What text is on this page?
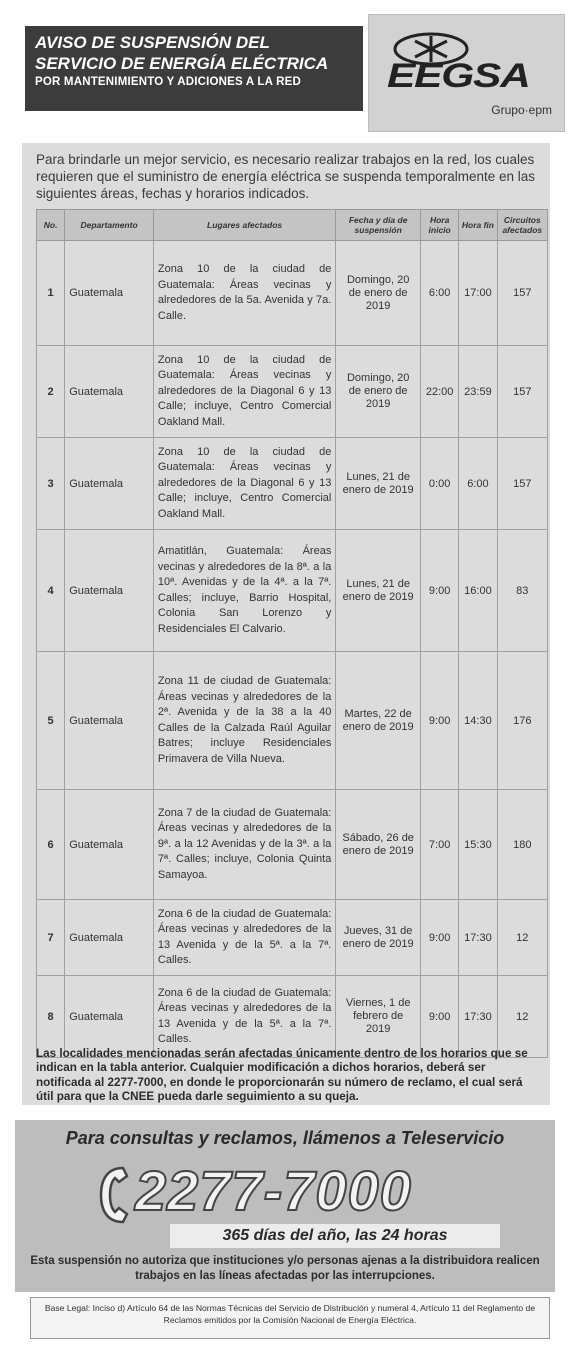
AVISO DE SUSPENSIÓN DEL
SERVICIO DE ENERGÍA ELÉCTRICA
POR MANTENIMIENTO Y ADICIONES A LA RED	EEGSA
Grupo·epm
Para brindarle un mejor servicio, es necesario realizar trabajos en la red, los cuales requieren que el suministro de energía eléctrica se suspenda temporalmente en las siguientes áreas, fechas y horarios indicados.
No.	Departamento	Lugares afectados	Fecha y día de suspensión	Hora inicio	Hora fin	Circuitos afectados
1	Guatemala	Zona 10 de la ciudad de Guatemala: Áreas vecinas y alrededores de la 5a. Avenida y 7a. Calle.	Domingo, 20 de enero de 2019	6:00	17:00	157
2	Guatemala	Zona 10 de la ciudad de Guatemala: Áreas vecinas y alrededores de la Diagonal 6 y 13 Calle; incluye, Centro Comercial Oakland Mall.	Domingo, 20 de enero de 2019	22:00	23:59	157
3	Guatemala	Zona 10 de la ciudad de Guatemala: Áreas vecinas y alrededores de la Diagonal 6 y 13 Calle; incluye, Centro Comercial Oakland Mall.	Lunes, 21 de enero de 2019	0:00	6:00	157
4	Guatemala	Amatitlán, Guatemala: Áreas vecinas y alrededores de la 8ª. a la 10ª. Avenidas y de la 4ª. a la 7ª. Calles; incluye, Barrio Hospital, Colonia San Lorenzo y Residenciales El Calvario.	Lunes, 21 de enero de 2019	9:00	16:00	83
5	Guatemala	Zona 11 de ciudad de Guatemala: Áreas vecinas y alrededores de la 2ª. Avenida y de la 38 a la 40 Calles de la Calzada Raúl Aguilar Batres; incluye Residenciales Primavera de Villa Nueva.	Martes, 22 de enero de 2019	9:00	14:30	176
6	Guatemala	Zona 7 de la ciudad de Guatemala: Áreas vecinas y alrededores de la 9ª. a la 12 Avenidas y de la 3ª. a la 7ª. Calles; incluye, Colonia Quinta Samayoa.	Sábado, 26 de enero de 2019	7:00	15:30	180
7	Guatemala	Zona 6 de la ciudad de Guatemala: Áreas vecinas y alrededores de la 13 Avenida y de la 5ª. a la 7ª. Calles.	Jueves, 31 de enero de 2019	9:00	17:30	12
8	Guatemala	Zona 6 de la ciudad de Guatemala: Áreas vecinas y alrededores de la 13 Avenida y de la 5ª. a la 7ª. Calles.	Viernes, 1 de febrero de 2019	9:00	17:30	12
Las localidades mencionadas serán afectadas únicamente dentro de los horarios que se indican en la tabla anterior. Cualquier modificación a dichos horarios, deberá ser notificada al 2277-7000, en donde le proporcionarán su número de reclamo, el cual será útil para que la CNEE pueda darle seguimiento a su queja.
Para consultas y reclamos, llámenos a Teleservicio
2277-7000
365 días del año, las 24 horas
Esta suspensión no autoriza que instituciones y/o personas ajenas a la distribuidora realicen trabajos en las líneas afectadas por las interrupciones.
Base Legal: Inciso d) Artículo 64 de las Normas Técnicas del Servicio de Distribución y numeral 4, Artículo 11 del Reglamento de Reclamos emitidos por la Comisión Nacional de Energía Eléctrica.
